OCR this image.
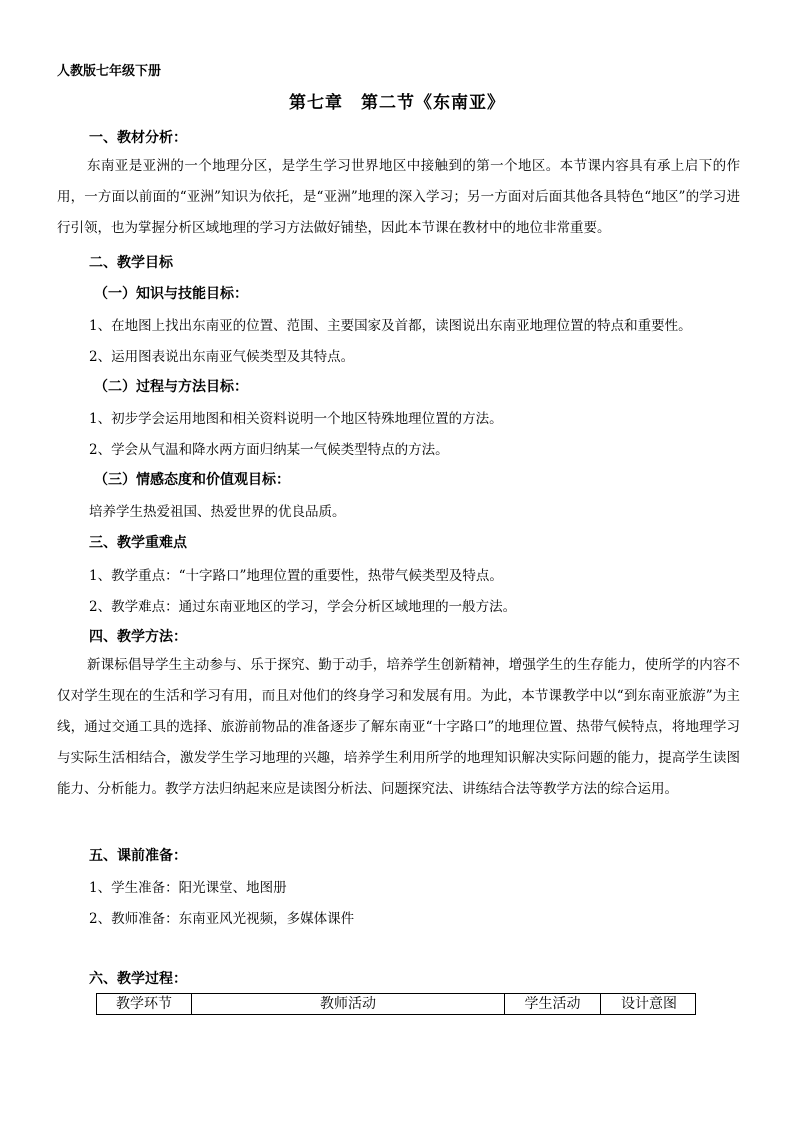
人教版七年级下册
第七章　第二节《东南亚》
一、教材分析：
东南亚是亚洲的一个地理分区，是学生学习世界地区中接触到的第一个地区。本节课内容具有承上启下的作用，一方面以前面的“亚洲”知识为依托，是“亚洲”地理的深入学习；另一方面对后面其他各具特色“地区”的学习进行引领，也为掌握分析区域地理的学习方法做好铺垫，因此本节课在教材中的地位非常重要。
二、教学目标
（一）知识与技能目标：
1、在地图上找出东南亚的位置、范围、主要国家及首都，读图说出东南亚地理位置的特点和重要性。
2、运用图表说出东南亚气候类型及其特点。
（二）过程与方法目标：
1、初步学会运用地图和相关资料说明一个地区特殊地理位置的方法。
2、学会从气温和降水两方面归纳某一气候类型特点的方法。
（三）情感态度和价值观目标：
培养学生热爱祖国、热爱世界的优良品质。
三、教学重难点
1、教学重点：“十字路口”地理位置的重要性，热带气候类型及特点。
2、教学难点：通过东南亚地区的学习，学会分析区域地理的一般方法。
四、教学方法：
新课标倡导学生主动参与、乐于探究、勤于动手，培养学生创新精神，增强学生的生存能力，使所学的内容不仅对学生现在的生活和学习有用，而且对他们的终身学习和发展有用。为此，本节课教学中以“到东南亚旅游”为主线，通过交通工具的选择、旅游前物品的准备逐步了解东南亚“十字路口”的地理位置、热带气候特点，将地理学习与实际生活相结合，激发学生学习地理的兴趣，培养学生利用所学的地理知识解决实际问题的能力，提高学生读图能力、分析能力。教学方法归纳起来应是读图分析法、问题探究法、讲练结合法等教学方法的综合运用。
五、课前准备：
1、学生准备：阳光课堂、地图册
2、教师准备：东南亚风光视频，多媒体课件
六、教学过程：
教学环节	教师活动	学生活动	设计意图
